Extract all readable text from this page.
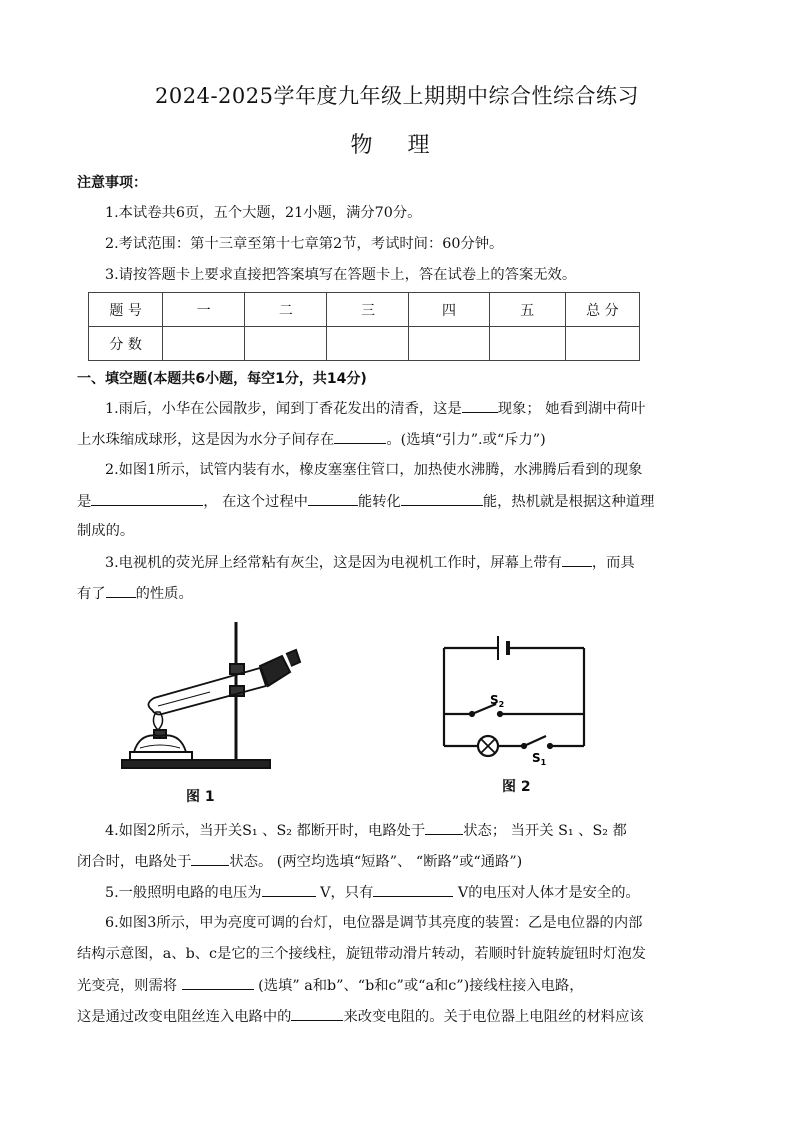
2024-2025学年度九年级上期期中综合性综合练习
物 理
注意事项：
1.本试卷共6页，五个大题，21小题，满分70分。
2.考试范围：第十三章至第十七章第2节，考试时间：60分钟。
3.请按答题卡上要求直接把答案填写在答题卡上，答在试卷上的答案无效。
题 号	一	二	三	四	五	总 分
分 数						
一、填空题(本题共6小题，每空1分，共14分)
1.雨后，小华在公园散步，闻到丁香花发出的清香，这是	现象； 她看到湖中荷叶
上水珠缩成球形，这是因为水分子间存在	。(选填“引力”.或“斥力”)
2.如图1所示，试管内装有水，橡皮塞塞住管口，加热使水沸腾，水沸腾后看到的现象
是	， 在这个过程中	能转化	能，热机就是根据这种道理
制成的。
3.电视机的荧光屏上经常粘有灰尘，这是因为电视机工作时，屏幕上带有 ，而具
有了 的性质。
图 1
$S_2$
$S_1$
图 2
4.如图2所示，当开关S₁ 、S₂ 都断开时，电路处于	状态； 当开关 S₁ 、S₂ 都
闭合时，电路处于	状态。 (两空均选填“短路”、 “断路”或“通路”)
5.一般照明电路的电压为	V，只有	V的电压对人体才是安全的。
6.如图3所示，甲为亮度可调的台灯，电位器是调节其亮度的装置：乙是电位器的内部
结构示意图，a、b、c是它的三个接线柱，旋钮带动滑片转动，若顺时针旋转旋钮时灯泡发
光变亮，则需将	(选填” a和b”、“b和c”或“a和c”)接线柱接入电路，
这是通过改变电阻丝连入电路中的	来改变电阻的。关于电位器上电阻丝的材料应该
